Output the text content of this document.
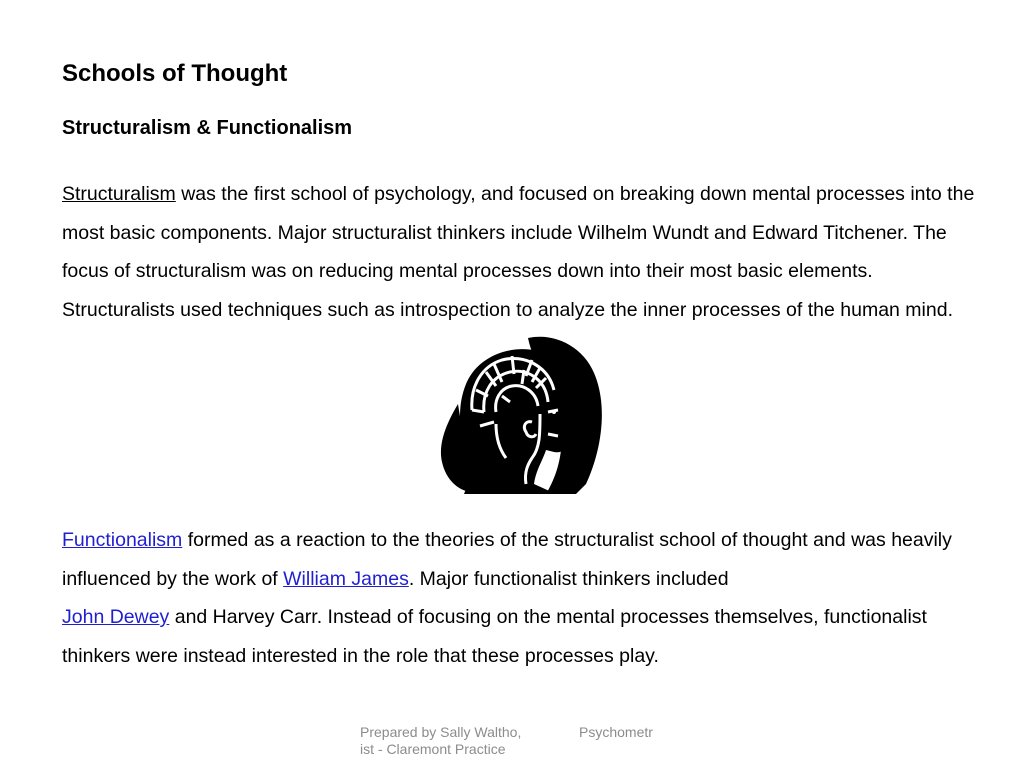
Schools of Thought
Structuralism & Functionalism

Structuralism was the first school of psychology, and focused on breaking down mental processes into the most basic components. Major structuralist thinkers include Wilhelm Wundt and Edward Titchener. The focus of structuralism was on reducing mental processes down into their most basic elements. Structuralists used techniques such as introspection to analyze the inner processes of the human mind.

Functionalism formed as a reaction to the theories of the structuralist school of thought and was heavily influenced by the work of William James. Major functionalist thinkers included
John Dewey and Harvey Carr. Instead of focusing on the mental processes themselves, functionalist thinkers were instead interested in the role that these processes play.

Prepared by Sally Waltho,	Psychometr
ist - Claremont Practice
